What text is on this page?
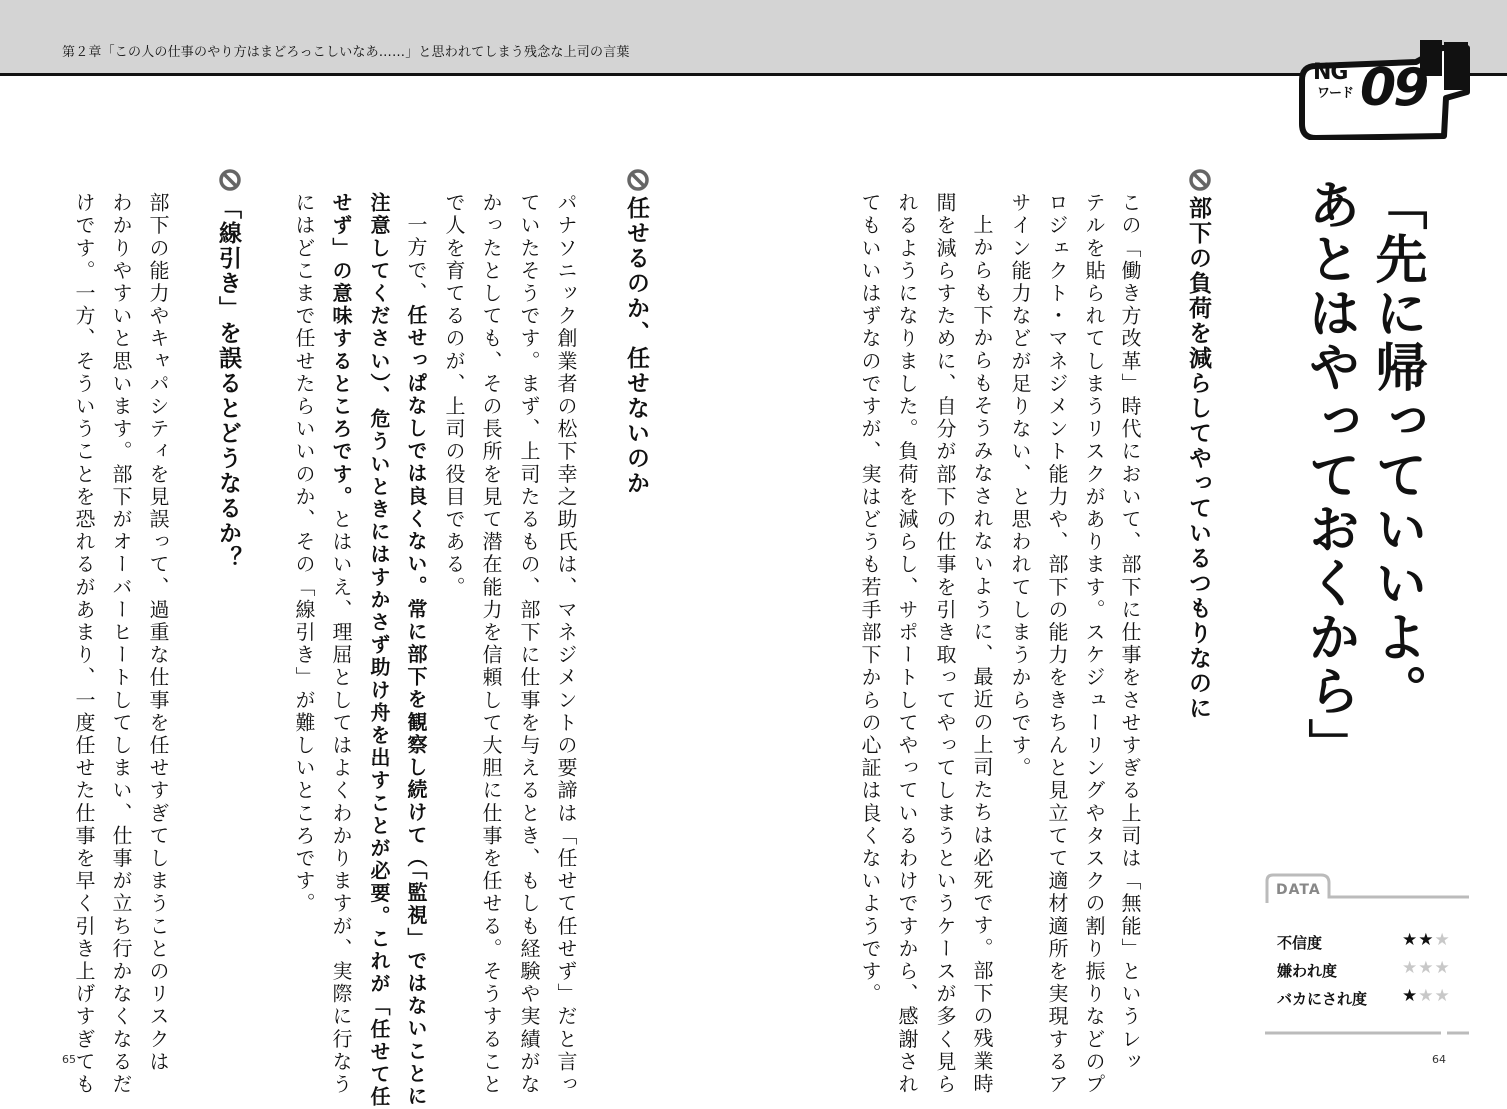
第２章「この人の仕事のやり方はまどろっこしいなあ……」と思われてしまう残念な上司の言葉
NG
ワード 09
「先に帰っていいよ。
あとはやっておくから」
部下の負荷を減らしてやっているつもりなのに
この「働き方改革」時代において、部下に仕事をさせすぎる上司は「無能」というレッ
テルを貼られてしまうリスクがあります。スケジューリングやタスクの割り振りなどのプ
ロジェクト・マネジメント能力や、部下の能力をきちんと見立てて適材適所を実現するア
サイン能力などが足りない、と思われてしまうからです。
上からも下からもそうみなされないように、最近の上司たちは必死です。部下の残業時
間を減らすために、自分が部下の仕事を引き取ってやってしまうというケースが多く見ら
れるようになりました。負荷を減らし、サポートしてやっているわけですから、感謝され
てもいいはずなのですが、実はどうも若手部下からの心証は良くないようです。
任せるのか、任せないのか
パナソニック創業者の松下幸之助氏は、マネジメントの要諦は「任せて任せず」だと言っ
ていたそうです。まず、上司たるもの、部下に仕事を与えるとき、もしも経験や実績がな
かったとしても、その長所を見て潜在能力を信頼して大胆に仕事を任せる。そうすること
で人を育てるのが、上司の役目である。
一方で、任せっぱなしでは良くない。常に部下を観察し続けて（「監視」ではないことに
注意してください）、危ういときにはすかさず助け舟を出すことが必要。これが「任せて任
せず」の意味するところです。とはいえ、理屈としてはよくわかりますが、実際に行なう
にはどこまで任せたらいいのか、その「線引き」が難しいところです。
「線引き」を誤るとどうなるか？
部下の能力やキャパシティを見誤って、過重な仕事を任せすぎてしまうことのリスクは
わかりやすいと思います。部下がオーバーヒートしてしまい、仕事が立ち行かなくなるだ
けです。一方、そういうことを恐れるがあまり、一度任せた仕事を早く引き上げすぎても	DATA
不信度	★★★
嫌われ度	★★★
バカにされ度 ★★★
65	64
